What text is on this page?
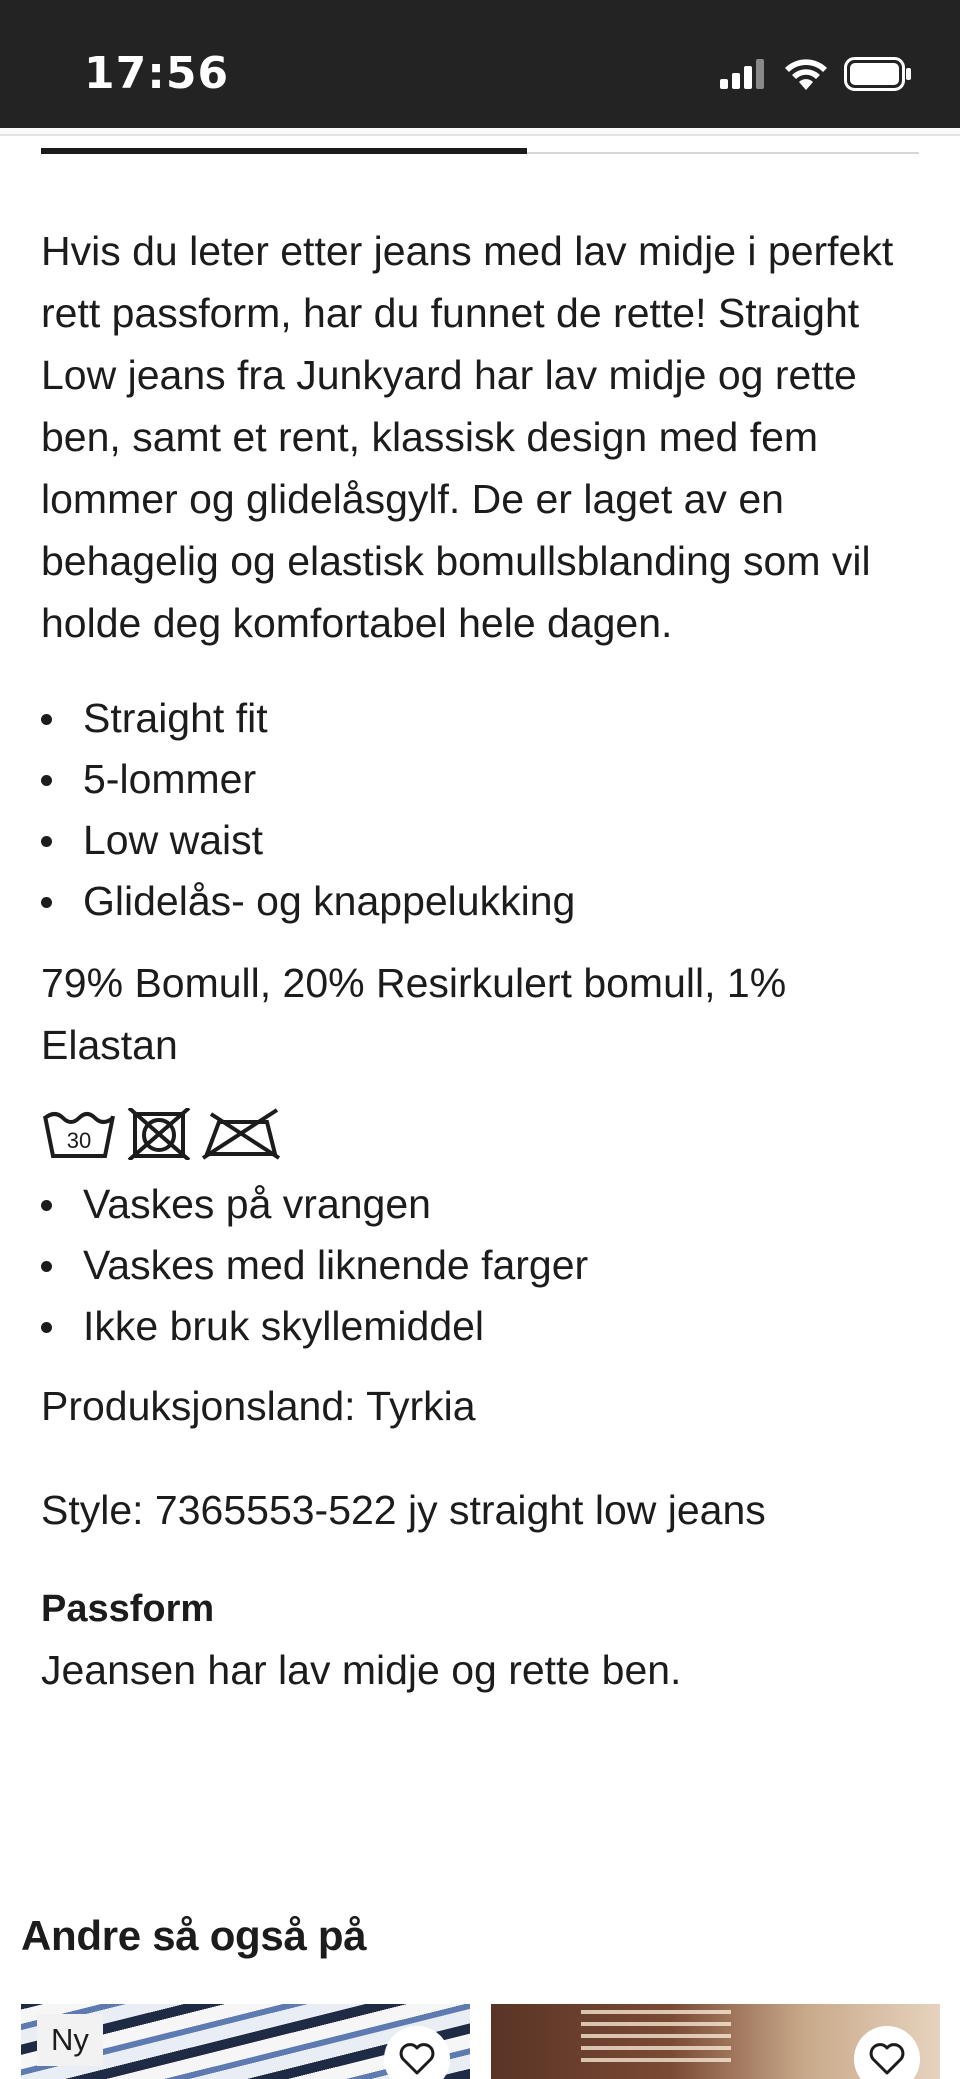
17:56

Hvis du leter etter jeans med lav midje i perfekt rett passform, har du funnet de rette! Straight Low jeans fra Junkyard har lav midje og rette ben, samt et rent, klassisk design med fem lommer og glidelåsgylf. De er laget av en behagelig og elastisk bomullsblanding som vil holde deg komfortabel hele dagen.

Straight fit
5-lommer
Low waist
Glidelås- og knappelukking

79% Bomull, 20% Resirkulert bomull, 1% Elastan

30
Vaskes på vrangen
Vaskes med liknende farger
Ikke bruk skyllemiddel

Produksjonsland: Tyrkia

Style: 7365553-522 jy straight low jeans

Passform

Jeansen har lav midje og rette ben.

Andre så også på
Ny
